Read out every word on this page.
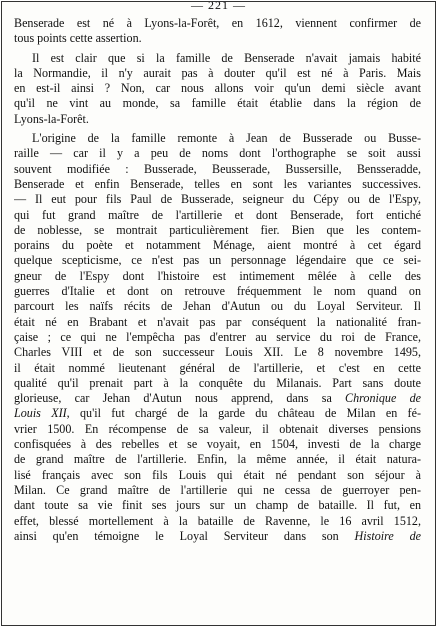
— 221 —
Benserade est né à Lyons-la-Forêt, en 1612, viennent confirmer de
tous points cette assertion.
Il est clair que si la famille de Benserade n'avait jamais habité
la Normandie, il n'y aurait pas à douter qu'il est né à Paris. Mais
en est-il ainsi ? Non, car nous allons voir qu'un demi siècle avant
qu'il ne vint au monde, sa famille était établie dans la région de
Lyons-la-Forêt.
L'origine de la famille remonte à Jean de Busserade ou Busse-
raille — car il y a peu de noms dont l'orthographe se soit aussi
souvent modifiée : Busserade, Beusserade, Bussersille, Bensseradde,
Benserade et enfin Benserade, telles en sont les variantes successives.
— Il eut pour fils Paul de Busserade, seigneur du Cépy ou de l'Espy,
qui fut grand maître de l'artillerie et dont Benserade, fort entiché
de noblesse, se montrait particulièrement fier. Bien que les contem-
porains du poète et notamment Ménage, aient montré à cet égard
quelque scepticisme, ce n'est pas un personnage légendaire que ce sei-
gneur de l'Espy dont l'histoire est intimement mêlée à celle des
guerres d'Italie et dont on retrouve fréquemment le nom quand on
parcourt les naïfs récits de Jehan d'Autun ou du Loyal Serviteur. Il
était né en Brabant et n'avait pas par conséquent la nationalité fran-
çaise ; ce qui ne l'empêcha pas d'entrer au service du roi de France,
Charles VIII et de son successeur Louis XII. Le 8 novembre 1495,
il était nommé lieutenant général de l'artillerie, et c'est en cette
qualité qu'il prenait part à la conquête du Milanais. Part sans doute
glorieuse, car Jehan d'Autun nous apprend, dans sa Chronique de
Louis XII, qu'il fut chargé de la garde du château de Milan en fé-
vrier 1500. En récompense de sa valeur, il obtenait diverses pensions
confisquées à des rebelles et se voyait, en 1504, investi de la charge
de grand maître de l'artillerie. Enfin, la même année, il était natura-
lisé français avec son fils Louis qui était né pendant son séjour à
Milan. Ce grand maître de l'artillerie qui ne cessa de guerroyer pen-
dant toute sa vie finit ses jours sur un champ de bataille. Il fut, en
effet, blessé mortellement à la bataille de Ravenne, le 16 avril 1512,
ainsi qu'en témoigne le Loyal Serviteur dans son Histoire de
